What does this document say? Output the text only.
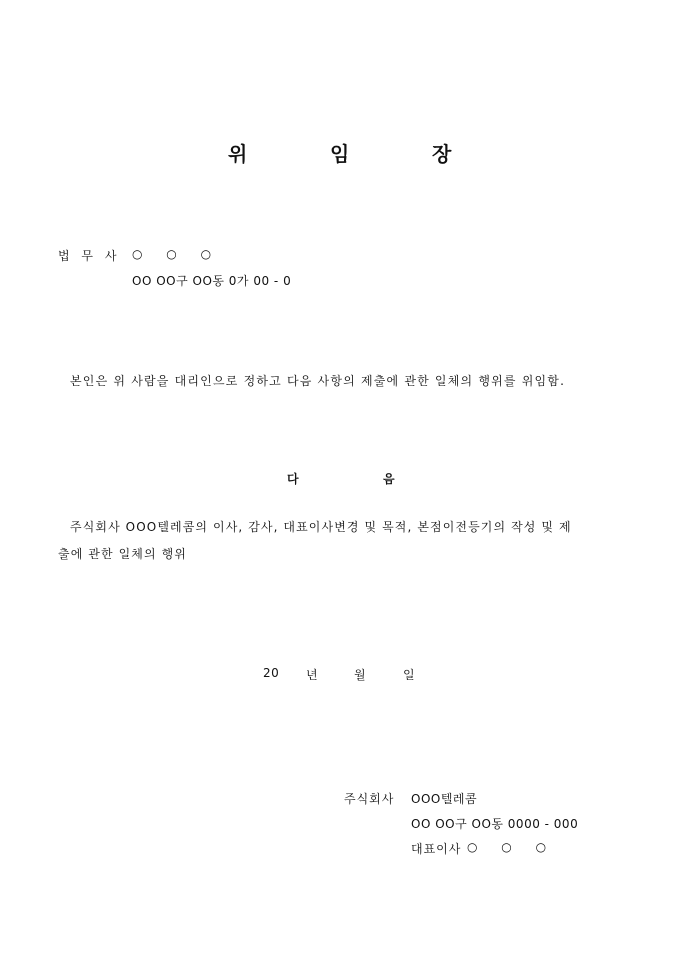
위	임	장
법 무 사 ○ ○ ○
OO OO구 OO동 0가 00 - 0
본인은 위 사람을 대리인으로 정하고 다음 사항의 제출에 관한 일체의 행위를 위임함.
다	음
주식회사 OOO텔레콤의 이사, 감사, 대표이사변경 및 목적, 본점이전등기의 작성 및 제
출에 관한 일체의 행위
20 년	월	일
주식회사 OOO텔레콤
OO OO구 OO동 0000 - 000
대표이사 ○ ○ ○
